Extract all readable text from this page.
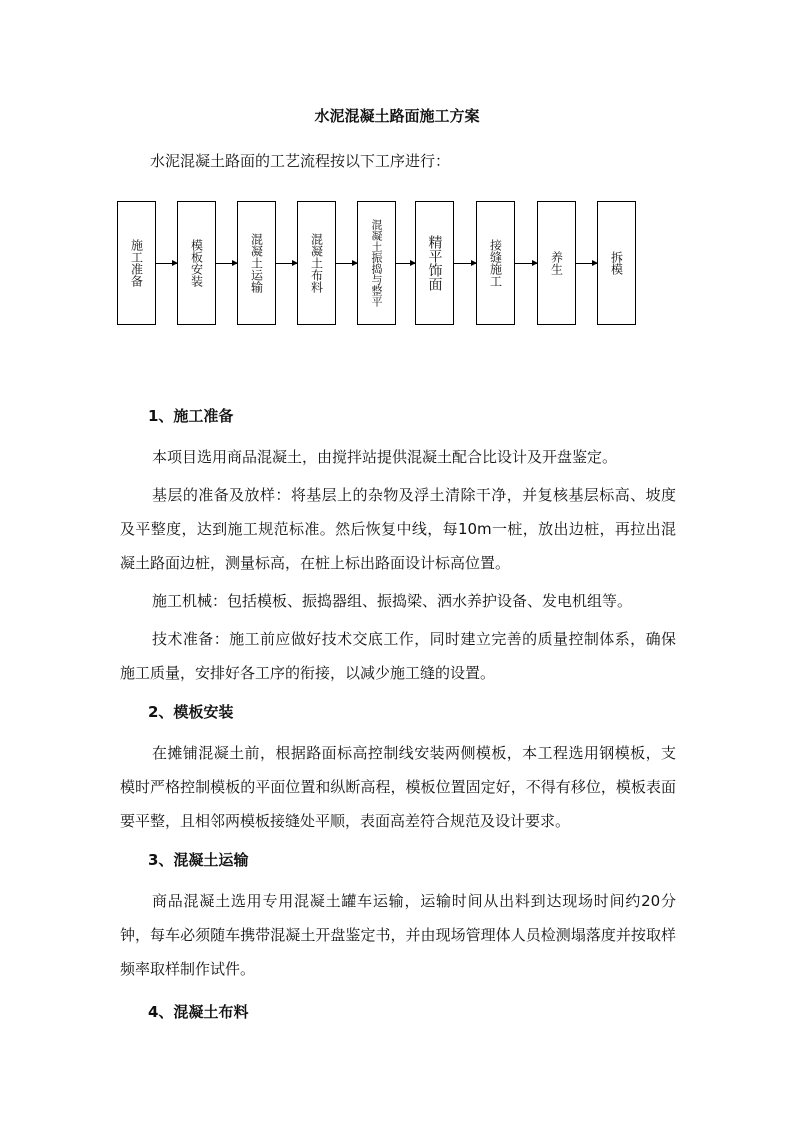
水泥混凝土路面施工方案
水泥混凝土路面的工艺流程按以下工序进行：
施工准备	模板安装	混凝土运输	混凝土布料	混凝土振捣与整平	精平饰面	接缝施工	养生	拆模
1、施工准备

本项目选用商品混凝土，由搅拌站提供混凝土配合比设计及开盘鉴定。

基层的准备及放样：将基层上的杂物及浮土清除干净，并复核基层标高、坡度及平整度，达到施工规范标准。然后恢复中线，每10m一桩，放出边桩，再拉出混凝土路面边桩，测量标高，在桩上标出路面设计标高位置。

施工机械：包括模板、振捣器组、振捣梁、洒水养护设备、发电机组等。

技术准备：施工前应做好技术交底工作，同时建立完善的质量控制体系，确保施工质量，安排好各工序的衔接，以减少施工缝的设置。

2、模板安装

在摊铺混凝土前，根据路面标高控制线安装两侧模板，本工程选用钢模板，支模时严格控制模板的平面位置和纵断高程，模板位置固定好，不得有移位，模板表面要平整，且相邻两模板接缝处平顺，表面高差符合规范及设计要求。

3、混凝土运输

商品混凝土选用专用混凝土罐车运输，运输时间从出料到达现场时间约20分钟，每车必须随车携带混凝土开盘鉴定书，并由现场管理体人员检测塌落度并按取样频率取样制作试件。

4、混凝土布料
